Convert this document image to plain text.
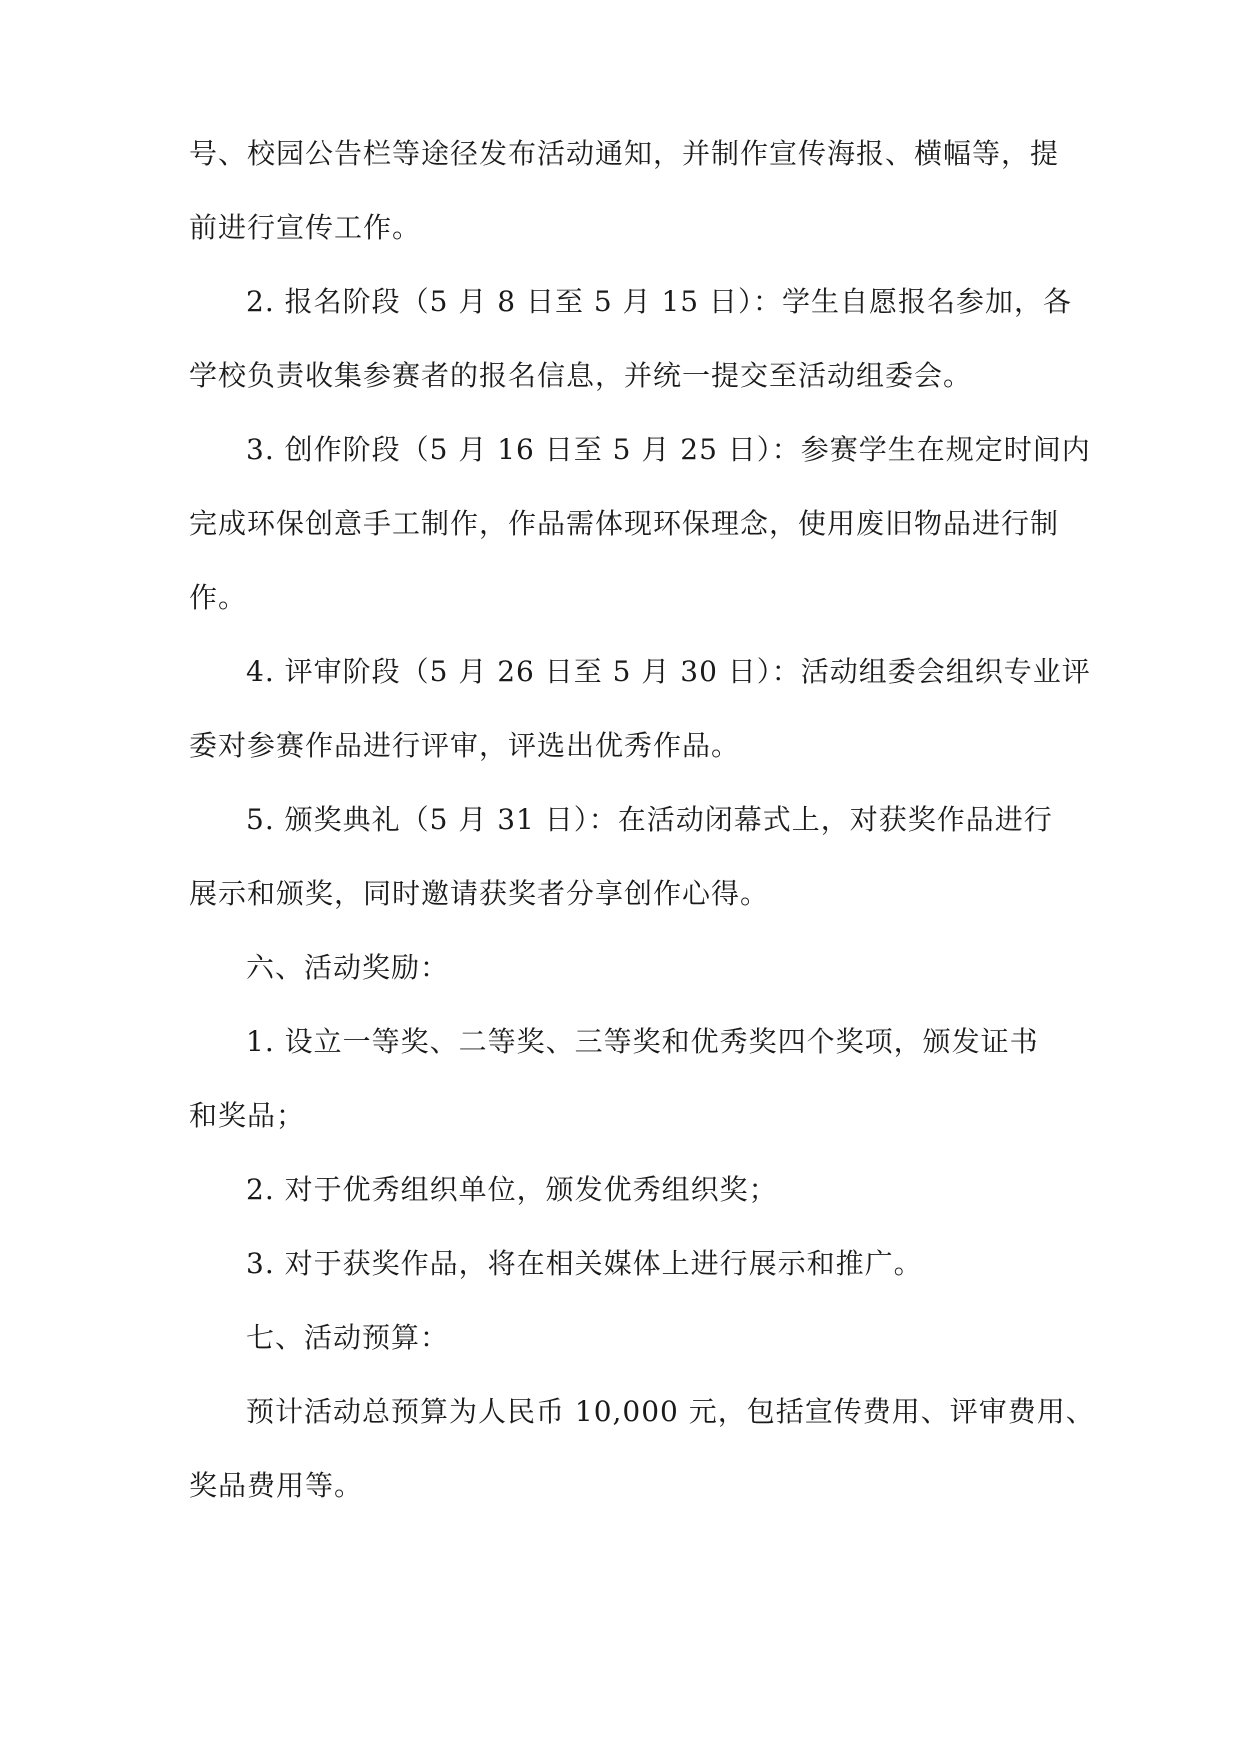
号、校园公告栏等途径发布活动通知，并制作宣传海报、横幅等，提
前进行宣传工作。
2. 报名阶段（5 月 8 日至 5 月 15 日）：学生自愿报名参加，各
学校负责收集参赛者的报名信息，并统一提交至活动组委会。
3. 创作阶段（5 月 16 日至 5 月 25 日）：参赛学生在规定时间内
完成环保创意手工制作，作品需体现环保理念，使用废旧物品进行制
作。
4. 评审阶段（5 月 26 日至 5 月 30 日）：活动组委会组织专业评
委对参赛作品进行评审，评选出优秀作品。
5. 颁奖典礼（5 月 31 日）：在活动闭幕式上，对获奖作品进行
展示和颁奖，同时邀请获奖者分享创作心得。
六、活动奖励：
1. 设立一等奖、二等奖、三等奖和优秀奖四个奖项，颁发证书
和奖品；
2. 对于优秀组织单位，颁发优秀组织奖；
3. 对于获奖作品，将在相关媒体上进行展示和推广。
七、活动预算：
预计活动总预算为人民币 10,000 元，包括宣传费用、评审费用、
奖品费用等。
